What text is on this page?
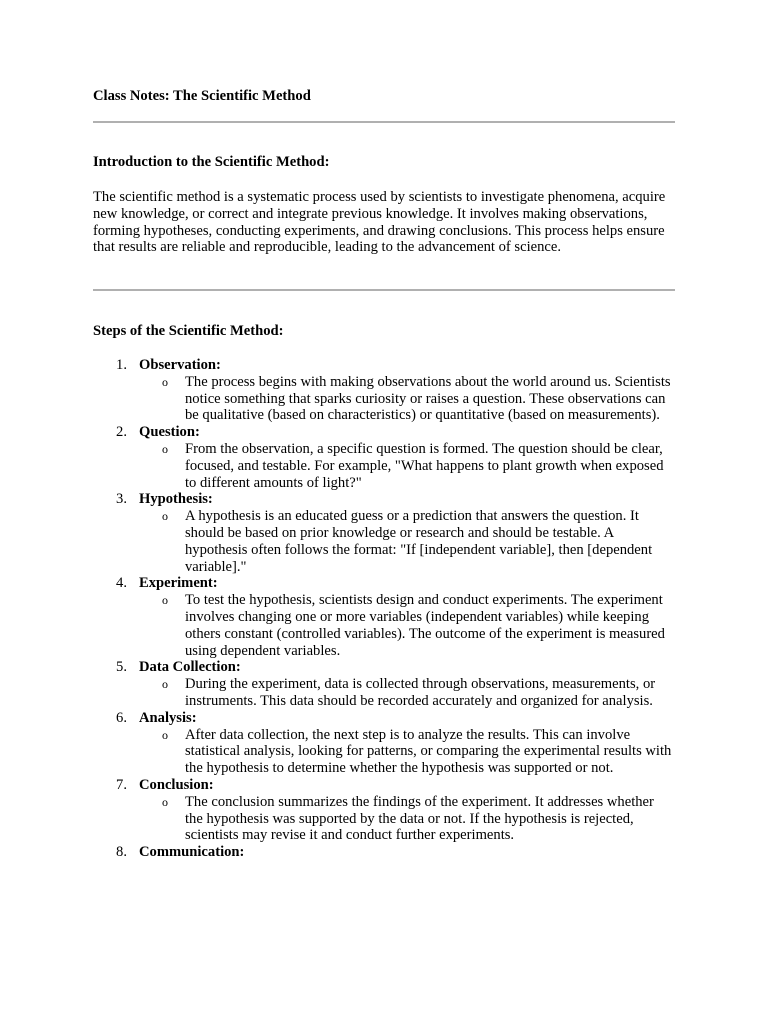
Class Notes: The Scientific Method
Introduction to the Scientific Method:
The scientific method is a systematic process used by scientists to investigate phenomena, acquire new knowledge, or correct and integrate previous knowledge. It involves making observations, forming hypotheses, conducting experiments, and drawing conclusions. This process helps ensure that results are reliable and reproducible, leading to the advancement of science.
Steps of the Scientific Method:
1. Observation:
o The process begins with making observations about the world around us. Scientists notice something that sparks curiosity or raises a question. These observations can be qualitative (based on characteristics) or quantitative (based on measurements).
2. Question:
o From the observation, a specific question is formed. The question should be clear, focused, and testable. For example, "What happens to plant growth when exposed to different amounts of light?"
3. Hypothesis:
o A hypothesis is an educated guess or a prediction that answers the question. It should be based on prior knowledge or research and should be testable. A hypothesis often follows the format: "If [independent variable], then [dependent variable]."
4. Experiment:
o To test the hypothesis, scientists design and conduct experiments. The experiment involves changing one or more variables (independent variables) while keeping others constant (controlled variables). The outcome of the experiment is measured using dependent variables.
5. Data Collection:
o During the experiment, data is collected through observations, measurements, or instruments. This data should be recorded accurately and organized for analysis.
6. Analysis:
o After data collection, the next step is to analyze the results. This can involve statistical analysis, looking for patterns, or comparing the experimental results with the hypothesis to determine whether the hypothesis was supported or not.
7. Conclusion:
o The conclusion summarizes the findings of the experiment. It addresses whether the hypothesis was supported by the data or not. If the hypothesis is rejected, scientists may revise it and conduct further experiments.
8. Communication:
